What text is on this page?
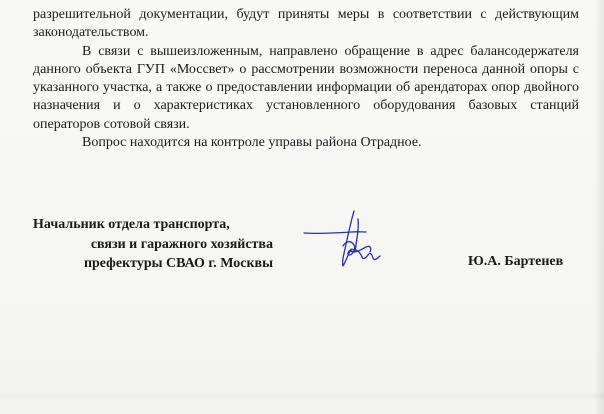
разрешительной документации, будут приняты меры в соответствии с действующим законодательством.

В связи с вышеизложенным, направлено обращение в адрес балансодержателя данного объекта ГУП «Моссвет» о рассмотрении возможности переноса данной опоры с указанного участка, а также о предоставлении информации об арендаторах опор двойного назначения и о характеристиках установленного оборудования базовых станций операторов сотовой связи.

Вопрос находится на контроле управы района Отрадное.

Начальник отдела транспорта,
связи и гаражного хозяйства
префектуры СВАО г. Москвы	Ю.А. Бартенев
